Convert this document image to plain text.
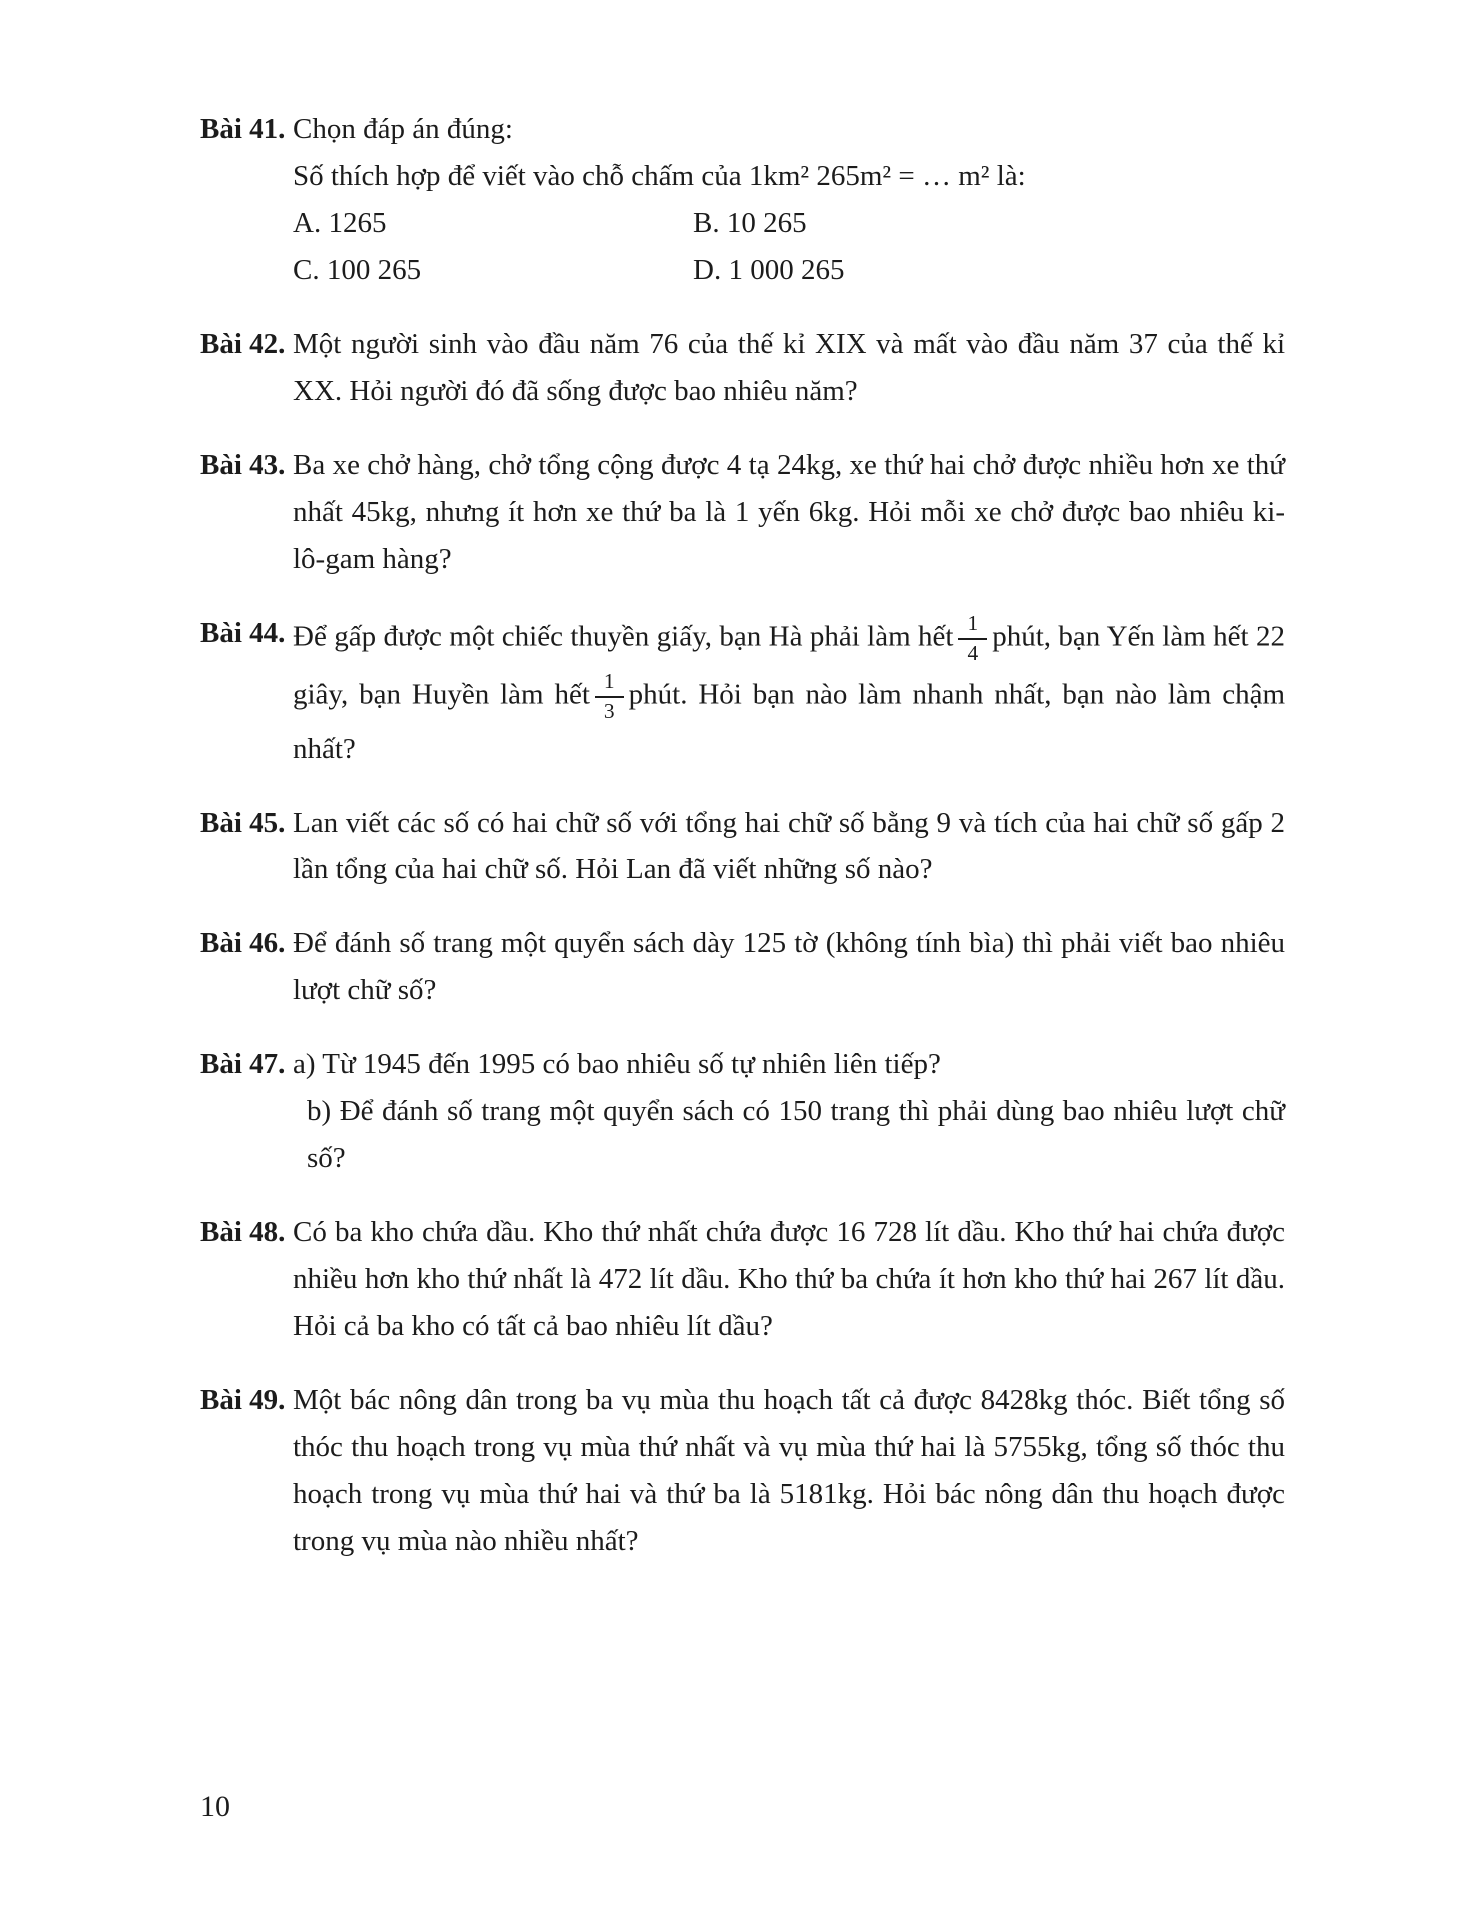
Bài 41. Chọn đáp án đúng:

Số thích hợp để viết vào chỗ chấm của 1km² 265m² = … m² là:

A. 1265	B. 10 265
C. 100 265	D. 1 000 265
Bài 42. Một người sinh vào đầu năm 76 của thế kỉ XIX và mất vào đầu năm 37 của thế kỉ XX. Hỏi người đó đã sống được bao nhiêu năm?

Bài 43. Ba xe chở hàng, chở tổng cộng được 4 tạ 24kg, xe thứ hai chở được nhiều hơn xe thứ nhất 45kg, nhưng ít hơn xe thứ ba là 1 yến 6kg. Hỏi mỗi xe chở được bao nhiêu ki-lô-gam hàng?

Bài 44. Để gấp được một chiếc thuyền giấy, bạn Hà phải làm hết $\frac{1}{4}$ phút, bạn Yến làm hết 22 giây, bạn Huyền làm hết $\frac{1}{3}$ phút. Hỏi bạn nào làm nhanh nhất, bạn nào làm chậm nhất?

Bài 45. Lan viết các số có hai chữ số với tổng hai chữ số bằng 9 và tích của hai chữ số gấp 2 lần tổng của hai chữ số. Hỏi Lan đã viết những số nào?

Bài 46. Để đánh số trang một quyển sách dày 125 tờ (không tính bìa) thì phải viết bao nhiêu lượt chữ số?

Bài 47. a) Từ 1945 đến 1995 có bao nhiêu số tự nhiên liên tiếp?

b) Để đánh số trang một quyển sách có 150 trang thì phải dùng bao nhiêu lượt chữ số?

Bài 48. Có ba kho chứa dầu. Kho thứ nhất chứa được 16 728 lít dầu. Kho thứ hai chứa được nhiều hơn kho thứ nhất là 472 lít dầu. Kho thứ ba chứa ít hơn kho thứ hai 267 lít dầu. Hỏi cả ba kho có tất cả bao nhiêu lít dầu?

Bài 49. Một bác nông dân trong ba vụ mùa thu hoạch tất cả được 8428kg thóc. Biết tổng số thóc thu hoạch trong vụ mùa thứ nhất và vụ mùa thứ hai là 5755kg, tổng số thóc thu hoạch trong vụ mùa thứ hai và thứ ba là 5181kg. Hỏi bác nông dân thu hoạch được trong vụ mùa nào nhiều nhất?

10
